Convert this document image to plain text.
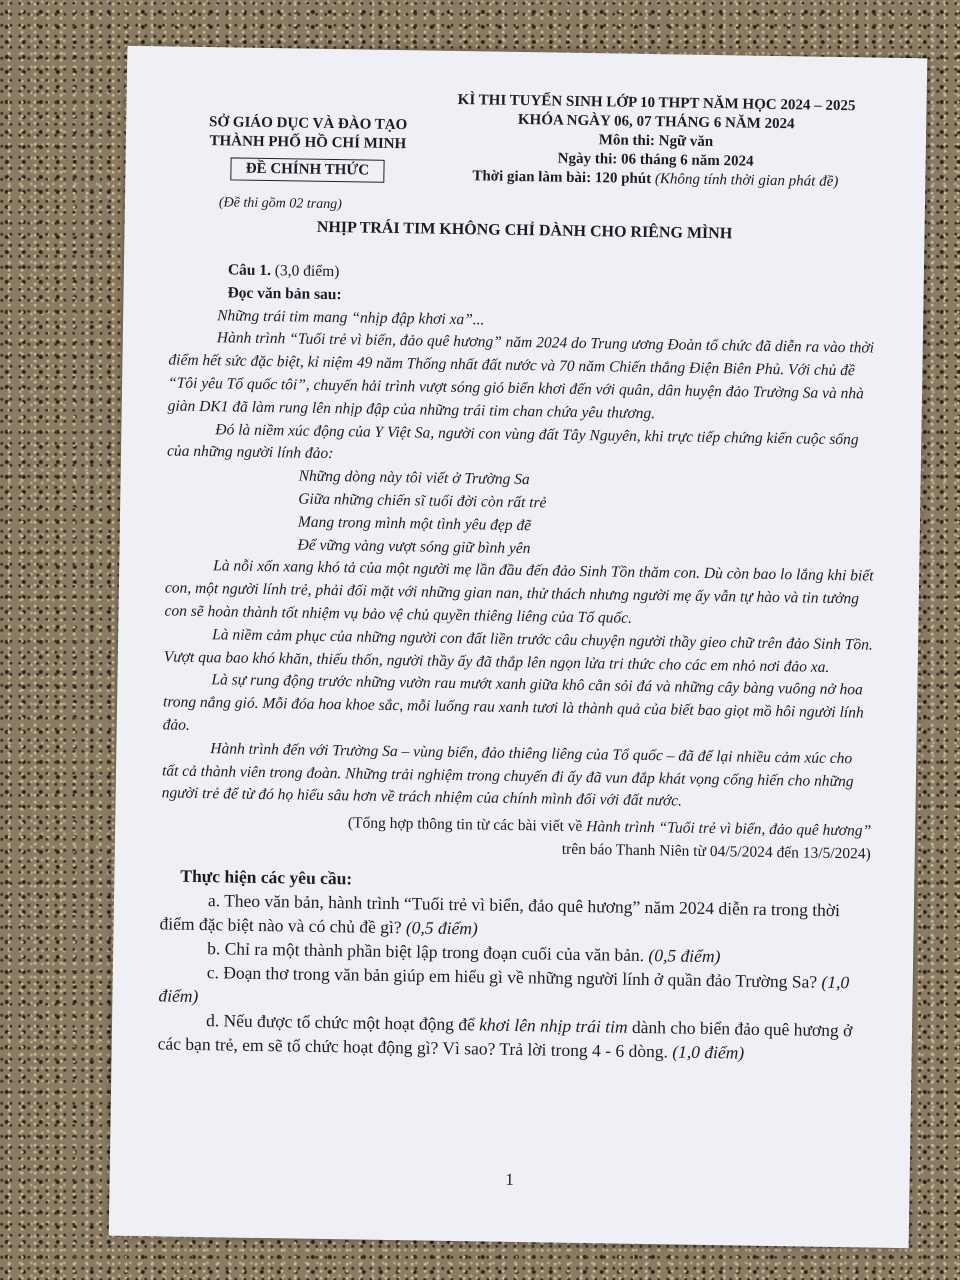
SỞ GIÁO DỤC VÀ ĐÀO TẠO
THÀNH PHỐ HỒ CHÍ MINH
ĐỀ CHÍNH THỨC
(Đề thi gồm 02 trang)
KÌ THI TUYỂN SINH LỚP 10 THPT NĂM HỌC 2024 – 2025
KHÓA NGÀY 06, 07 THÁNG 6 NĂM 2024
Môn thi: Ngữ văn
Ngày thi: 06 tháng 6 năm 2024
Thời gian làm bài: 120 phút (Không tính thời gian phát đề)
NHỊP TRÁI TIM KHÔNG CHỈ DÀNH CHO RIÊNG MÌNH

Câu 1. (3,0 điểm)

Đọc văn bản sau:

Những trái tim mang “nhịp đập khơi xa”...

Hành trình “Tuổi trẻ vì biển, đảo quê hương” năm 2024 do Trung ương Đoàn tổ chức đã diễn ra vào thời điểm hết sức đặc biệt, kỉ niệm 49 năm Thống nhất đất nước và 70 năm Chiến thắng Điện Biên Phủ. Với chủ đề “Tôi yêu Tổ quốc tôi”, chuyến hải trình vượt sóng gió biển khơi đến với quân, dân huyện đảo Trường Sa và nhà giàn DK1 đã làm rung lên nhịp đập của những trái tim chan chứa yêu thương.

Đó là niềm xúc động của Y Việt Sa, người con vùng đất Tây Nguyên, khi trực tiếp chứng kiến cuộc sống của những người lính đảo:

Những dòng này tôi viết ở Trường Sa

Giữa những chiến sĩ tuổi đời còn rất trẻ

Mang trong mình một tình yêu đẹp đẽ

Để vững vàng vượt sóng giữ bình yên

Là nỗi xốn xang khó tả của một người mẹ lần đầu đến đảo Sinh Tồn thăm con. Dù còn bao lo lắng khi biết con, một người lính trẻ, phải đối mặt với những gian nan, thử thách nhưng người mẹ ấy vẫn tự hào và tin tưởng con sẽ hoàn thành tốt nhiệm vụ bảo vệ chủ quyền thiêng liêng của Tổ quốc.

Là niềm cảm phục của những người con đất liền trước câu chuyện người thầy gieo chữ trên đảo Sinh Tồn. Vượt qua bao khó khăn, thiếu thốn, người thầy ấy đã thắp lên ngọn lửa tri thức cho các em nhỏ nơi đảo xa.

Là sự rung động trước những vườn rau mướt xanh giữa khô cằn sỏi đá và những cây bàng vuông nở hoa trong nắng gió. Mỗi đóa hoa khoe sắc, mỗi luống rau xanh tươi là thành quả của biết bao giọt mồ hôi người lính đảo.

Hành trình đến với Trường Sa – vùng biển, đảo thiêng liêng của Tổ quốc – đã để lại nhiều cảm xúc cho tất cả thành viên trong đoàn. Những trải nghiệm trong chuyến đi ấy đã vun đắp khát vọng cống hiến cho những người trẻ để từ đó họ hiểu sâu hơn về trách nhiệm của chính mình đối với đất nước.

(Tổng hợp thông tin từ các bài viết về Hành trình “Tuổi trẻ vì biển, đảo quê hương”

trên báo Thanh Niên từ 04/5/2024 đến 13/5/2024)

Thực hiện các yêu cầu:

a. Theo văn bản, hành trình “Tuổi trẻ vì biển, đảo quê hương” năm 2024 diễn ra trong thời điểm đặc biệt nào và có chủ đề gì? (0,5 điểm)

b. Chỉ ra một thành phần biệt lập trong đoạn cuối của văn bản. (0,5 điểm)

c. Đoạn thơ trong văn bản giúp em hiểu gì về những người lính ở quần đảo Trường Sa? (1,0 điểm)

d. Nếu được tổ chức một hoạt động để khơi lên nhịp trái tim dành cho biển đảo quê hương ở các bạn trẻ, em sẽ tổ chức hoạt động gì? Vì sao? Trả lời trong 4 - 6 dòng. (1,0 điểm)

1
